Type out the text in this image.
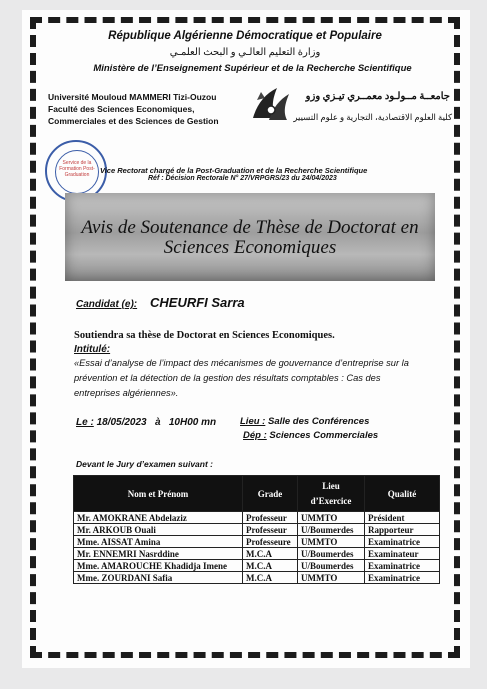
République Algérienne Démocratique et Populaire
وزارة التعليم العالـي و البحث العلمـي
Ministère de l’Enseignement Supérieur et de la Recherche Scientifique
Université Mouloud MAMMERI Tizi-Ouzou
Faculté des Sciences Economiques,
Commerciales et des Sciences de Gestion
جامعــة مــولـود معمــري تيـزي وزو
كلية العلوم الاقتصادية، التجارية و علوم التسيير
Service de la Formation Post-Graduation	Vice Rectorat chargé de la Post-Graduation et de la Recherche Scientifique
Réf : Décision Rectorale N° 27/VRPGRS/23 du 24/04/2023
Avis de Soutenance de Thèse de Doctorat en
Sciences Economiques
Candidat (e): CHEURFI Sarra
Soutiendra sa thèse de Doctorat en Sciences Economiques.
Intitulé:
«Essai d’analyse de l’impact des mécanismes de gouvernance d’entreprise sur la
prévention et la détection de la gestion des résultats comptables : Cas des
entreprises algériennes».
Le : 18/05/2023 à 10H00 mn	Lieu : Salle des Conférences
Dép : Sciences Commerciales
Devant le Jury d’examen suivant :
Nom et Prénom	Grade	Lieu d’Exercice	Qualité
Mr. AMOKRANE Abdelaziz	Professeur	UMMTO	Président
Mr. ARKOUB Ouali	Professeur	U/Boumerdes	Rapporteur
Mme. AISSAT Amina	Professeure	UMMTO	Examinatrice
Mr. ENNEMRI Nasrddine	M.C.A	U/Boumerdes	Examinateur
Mme. AMAROUCHE Khadidja Imene	M.C.A	U/Boumerdes	Examinatrice
Mme. ZOURDANI Safia	M.C.A	UMMTO	Examinatrice
